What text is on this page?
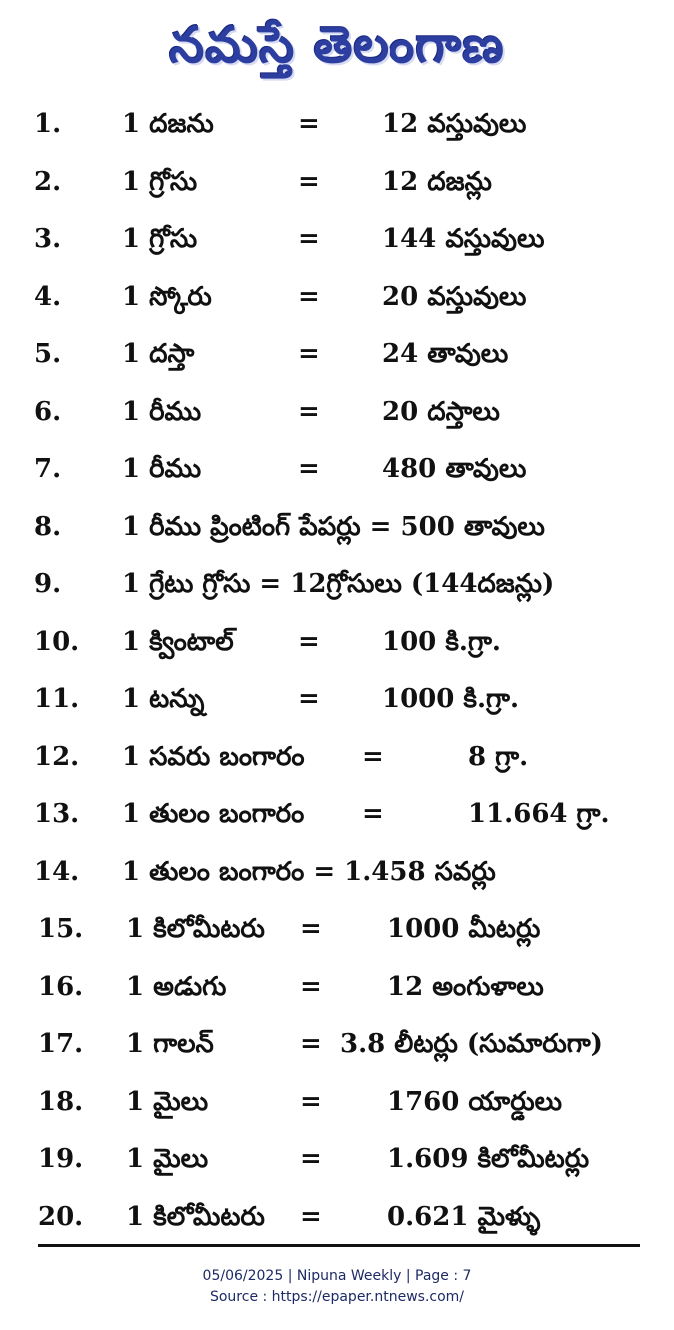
నమస్తే తెలంగాణ
1. 1 దజను	= 12 వస్తువులు
2. 1 గ్రోసు	= 12 దజన్లు
3. 1 గ్రోసు	= 144 వస్తువులు
4. 1 స్కోరు	= 20 వస్తువులు
5. 1 దస్తా	= 24 తావులు
6. 1 రీము	= 20 దస్తాలు
7. 1 రీము	= 480 తావులు
8. 1 రీము ప్రింటింగ్ పేపర్లు = 500 తావులు
9. 1 గ్రేటు గ్రోసు = 12గ్రోసులు (144దజన్లు)
10. 1 క్వింటాల్ = 100 కి.గ్రా.
11. 1 టన్ను	= 1000 కి.గ్రా.
12. 1 సవరు బంగారం =	8 గ్రా.
13. 1 తులం బంగారం =	11.664 గ్రా.
14. 1 తులం బంగారం = 1.458 సవర్లు
15. 1 కిలోమీటరు =	1000 మీటర్లు
16. 1 అడుగు	=	12 అంగుళాలు
17. 1 గాలన్	= 3.8 లీటర్లు (సుమారుగా)
18. 1 మైలు	=	1760 యార్డులు
19. 1 మైలు	=	1.609 కిలోమీటర్లు
20. 1 కిలోమీటరు =	0.621 మైళ్ళు
05/06/2025 | Nipuna Weekly | Page : 7
Source : https://epaper.ntnews.com/
